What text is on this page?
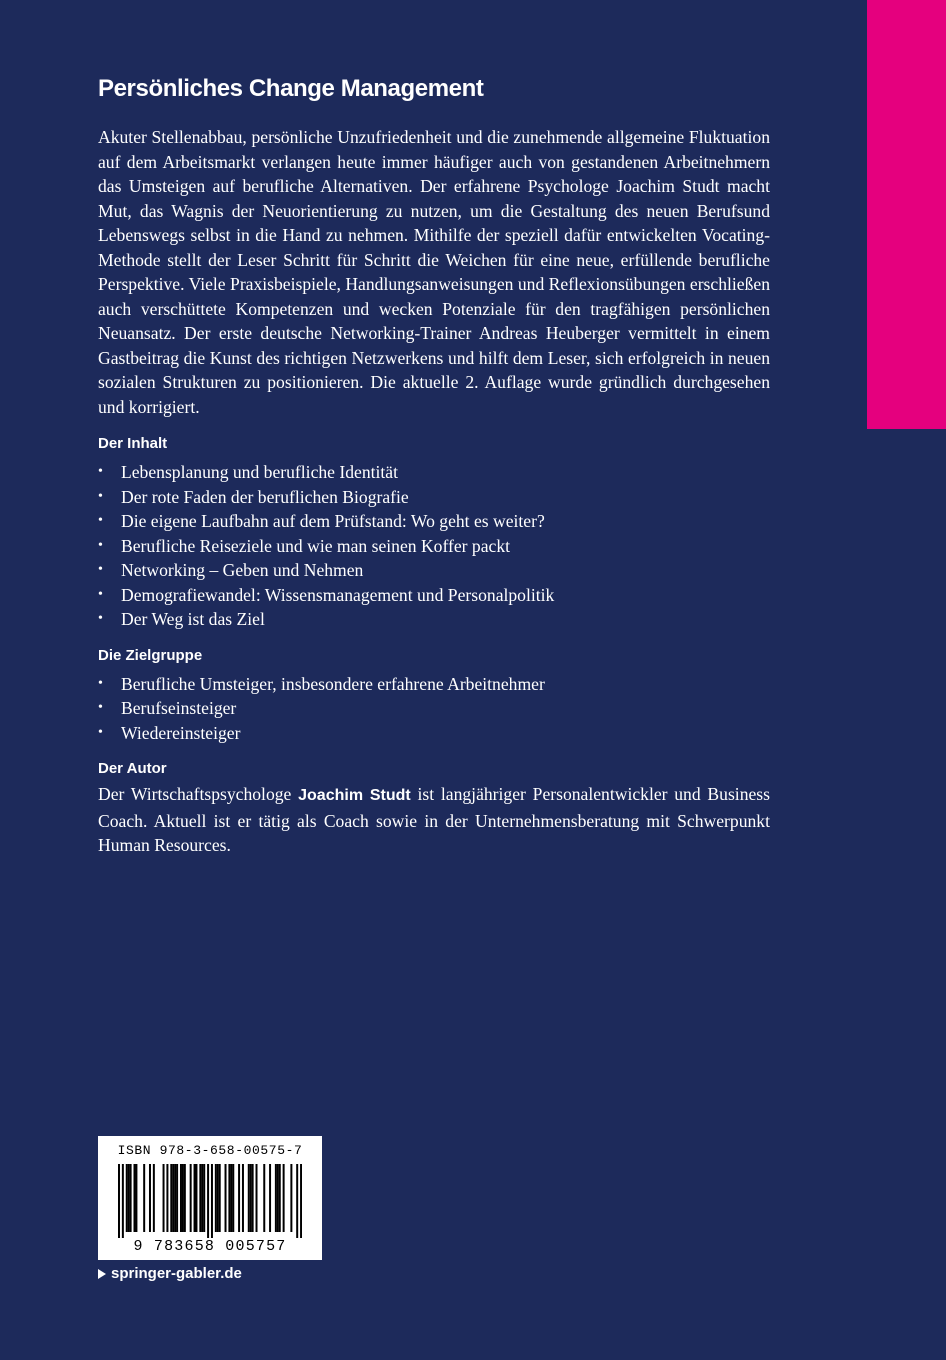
Persönliches Change Management

Akuter Stellenabbau, persönliche Unzufriedenheit und die zunehmende allgemeine Fluktuation auf dem Arbeitsmarkt verlangen heute immer häufiger auch von gestandenen Arbeitnehmern das Umsteigen auf berufliche Alternativen. Der erfahrene Psychologe Joachim Studt macht Mut, das Wagnis der Neuorientierung zu nutzen, um die Gestaltung des neuen Berufsund Lebenswegs selbst in die Hand zu nehmen. Mithilfe der speziell dafür entwickelten Vocating-Methode stellt der Leser Schritt für Schritt die Weichen für eine neue, erfüllende berufliche Perspektive. Viele Praxisbeispiele, Handlungsanweisungen und Reflexionsübungen erschließen auch verschüttete Kompetenzen und wecken Potenziale für den tragfähigen persönlichen Neuansatz. Der erste deutsche Networking-Trainer Andreas Heuberger vermittelt in einem Gastbeitrag die Kunst des richtigen Netzwerkens und hilft dem Leser, sich erfolgreich in neuen sozialen Strukturen zu positionieren. Die aktuelle 2. Auflage wurde gründlich durchgesehen und korrigiert.

Der Inhalt
• Lebensplanung und berufliche Identität
• Der rote Faden der beruflichen Biografie
• Die eigene Laufbahn auf dem Prüfstand: Wo geht es weiter?
• Berufliche Reiseziele und wie man seinen Koffer packt
• Networking – Geben und Nehmen
• Demografiewandel: Wissensmanagement und Personalpolitik
• Der Weg ist das Ziel
Die Zielgruppe
• Berufliche Umsteiger, insbesondere erfahrene Arbeitnehmer
• Berufseinsteiger
• Wiedereinsteiger
Der Autor

Der Wirtschaftspsychologe Joachim Studt ist langjähriger Personalentwickler und Business Coach. Aktuell ist er tätig als Coach sowie in der Unternehmensberatung mit Schwerpunkt Human Resources.

ISBN 978-3-658-00575-7
9 783658 005757
springer-gabler.de
